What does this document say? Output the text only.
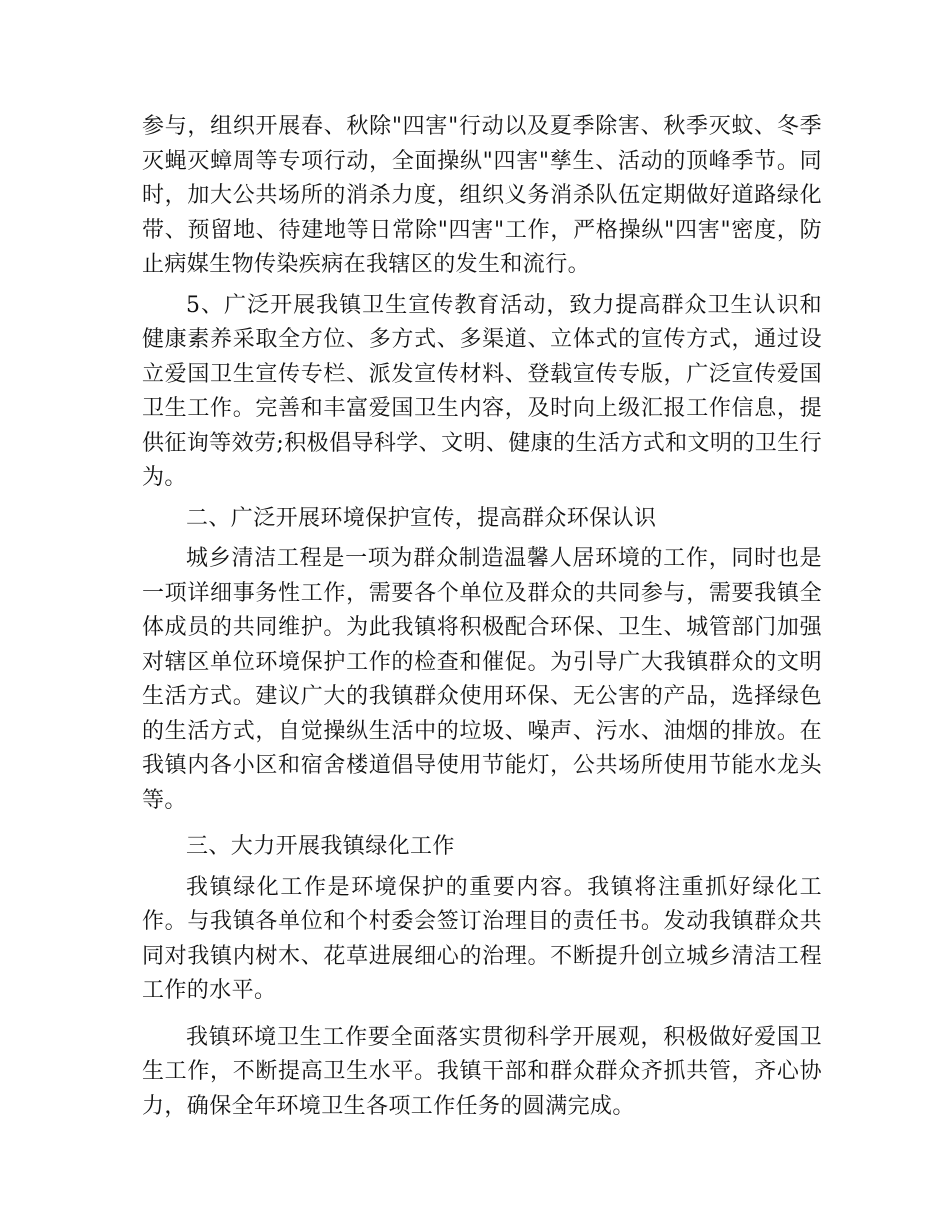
参与，组织开展春、秋除"四害"行动以及夏季除害、秋季灭蚊、冬季灭蝇灭蟑周等专项行动，全面操纵"四害"孳生、活动的顶峰季节。同时，加大公共场所的消杀力度，组织义务消杀队伍定期做好道路绿化带、预留地、待建地等日常除"四害"工作，严格操纵"四害"密度，防止病媒生物传染疾病在我辖区的发生和流行。

5、广泛开展我镇卫生宣传教育活动，致力提高群众卫生认识和健康素养采取全方位、多方式、多渠道、立体式的宣传方式，通过设立爱国卫生宣传专栏、派发宣传材料、登载宣传专版，广泛宣传爱国卫生工作。完善和丰富爱国卫生内容，及时向上级汇报工作信息，提供征询等效劳;积极倡导科学、文明、健康的生活方式和文明的卫生行为。

二、广泛开展环境保护宣传，提高群众环保认识

城乡清洁工程是一项为群众制造温馨人居环境的工作，同时也是一项详细事务性工作，需要各个单位及群众的共同参与，需要我镇全体成员的共同维护。为此我镇将积极配合环保、卫生、城管部门加强对辖区单位环境保护工作的检查和催促。为引导广大我镇群众的文明生活方式。建议广大的我镇群众使用环保、无公害的产品，选择绿色的生活方式，自觉操纵生活中的垃圾、噪声、污水、油烟的排放。在我镇内各小区和宿舍楼道倡导使用节能灯，公共场所使用节能水龙头等。

三、大力开展我镇绿化工作

我镇绿化工作是环境保护的重要内容。我镇将注重抓好绿化工作。与我镇各单位和个村委会签订治理目的责任书。发动我镇群众共同对我镇内树木、花草进展细心的治理。不断提升创立城乡清洁工程工作的水平。

我镇环境卫生工作要全面落实贯彻科学开展观，积极做好爱国卫生工作，不断提高卫生水平。我镇干部和群众群众齐抓共管，齐心协力，确保全年环境卫生各项工作任务的圆满完成。
